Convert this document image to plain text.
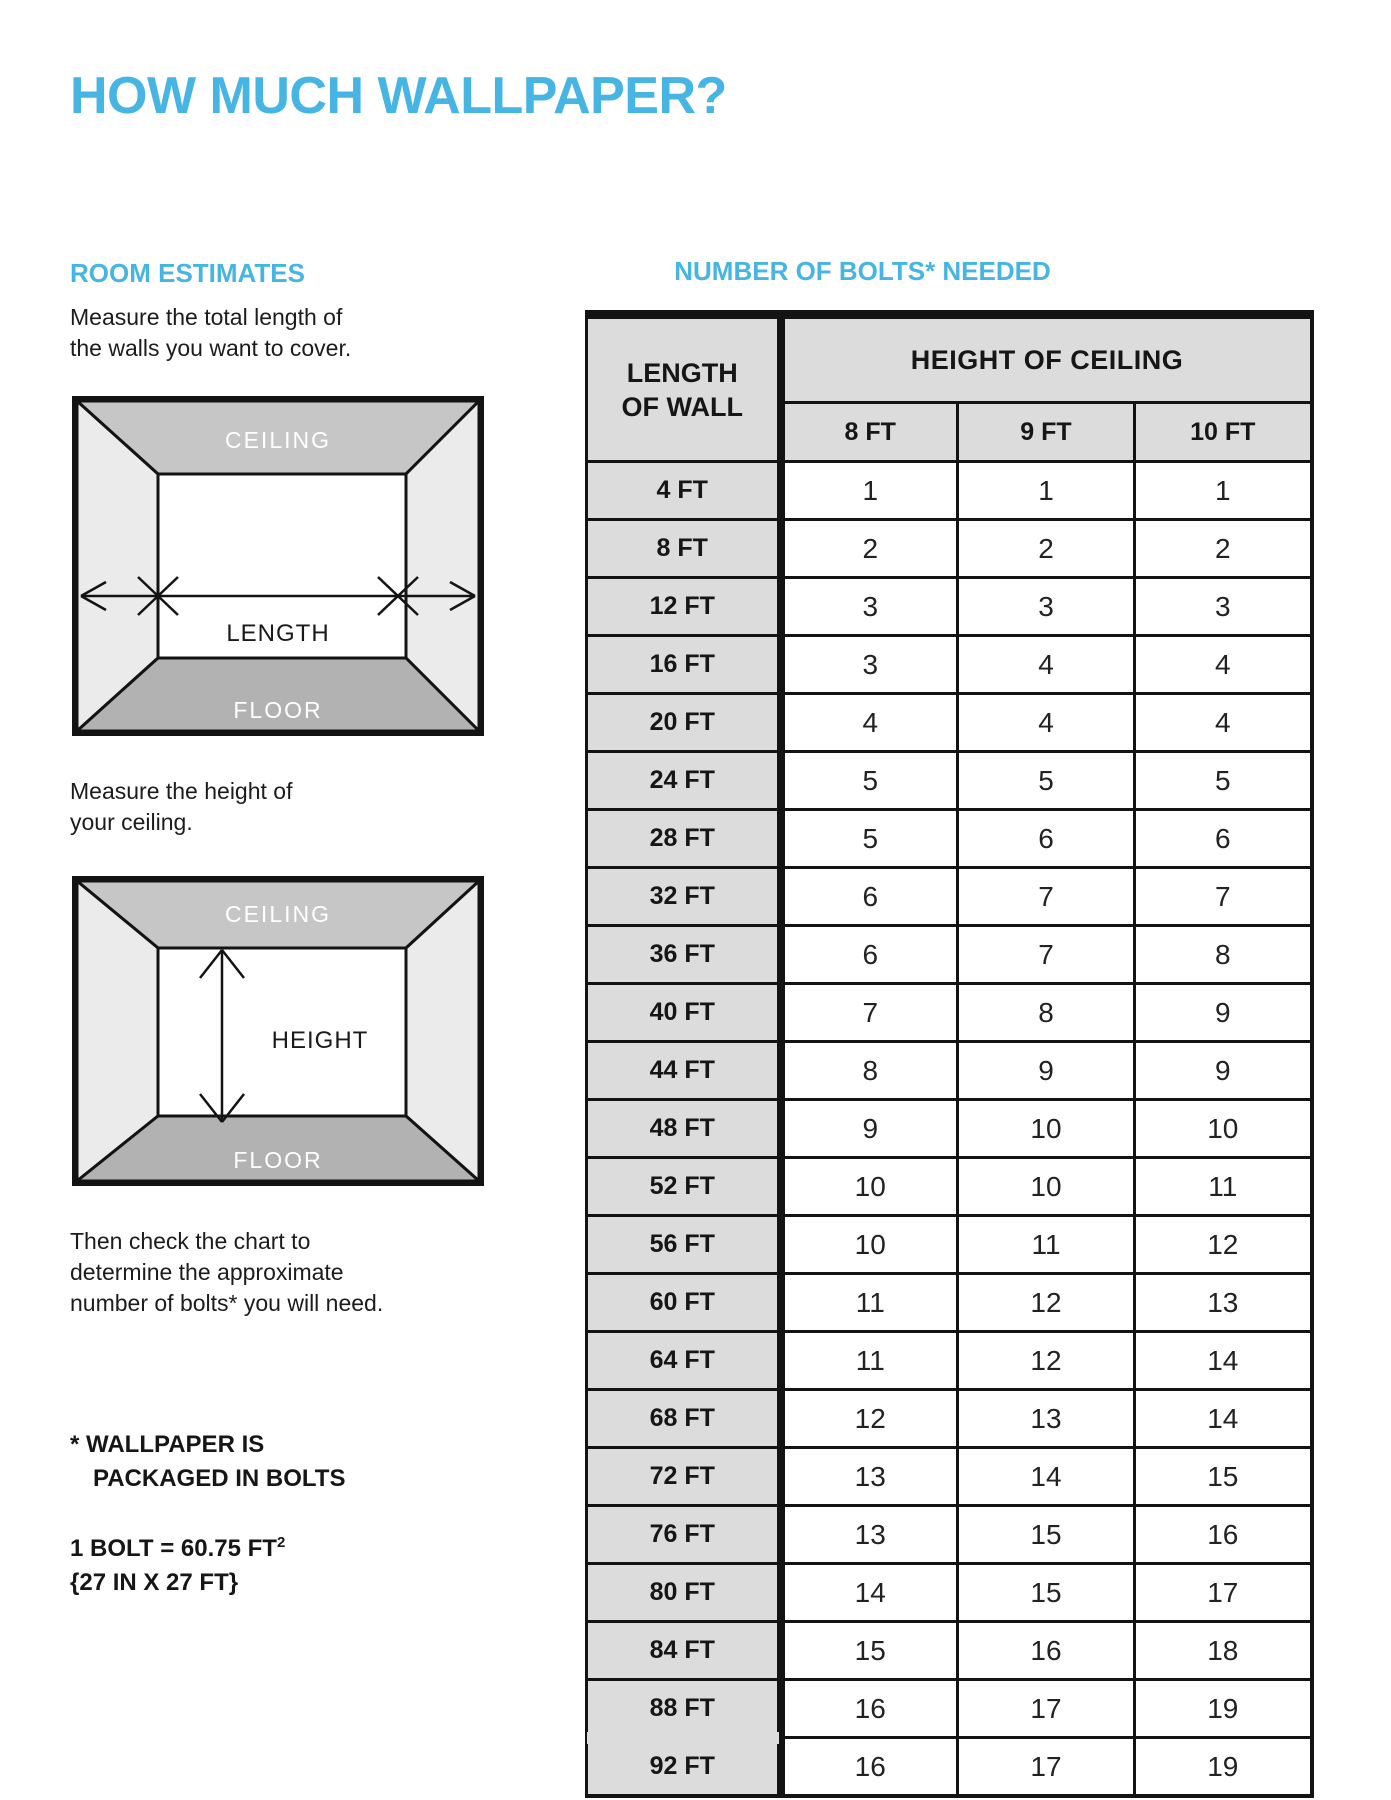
HOW MUCH WALLPAPER?
ROOM ESTIMATES
Measure the total length of
the walls you want to cover.
CEILING
LENGTH
FLOOR
Measure the height of
your ceiling.
CEILING
HEIGHT
FLOOR
Then check the chart to
determine the approximate
number of bolts* you will need.
* WALLPAPER IS
PACKAGED IN BOLTS
1 BOLT = 60.75 $FT^2$
{27 IN X 27 FT}
NUMBER OF BOLTS* NEEDED
LENGTH
OF WALL	HEIGHT OF CEILING		
	8 FT	9 FT	10 FT
4 FT	1	1	1
8 FT	2	2	2
12 FT	3	3	3
16 FT	3	4	4
20 FT	4	4	4
24 FT	5	5	5
28 FT	5	6	6
32 FT	6	7	7
36 FT	6	7	8
40 FT	7	8	9
44 FT	8	9	9
48 FT	9	10	10
52 FT	10	10	11
56 FT	10	11	12
60 FT	11	12	13
64 FT	11	12	14
68 FT	12	13	14
72 FT	13	14	15
76 FT	13	15	16
80 FT	14	15	17
84 FT	15	16	18
88 FT	16	17	19
92 FT	16	17	19
